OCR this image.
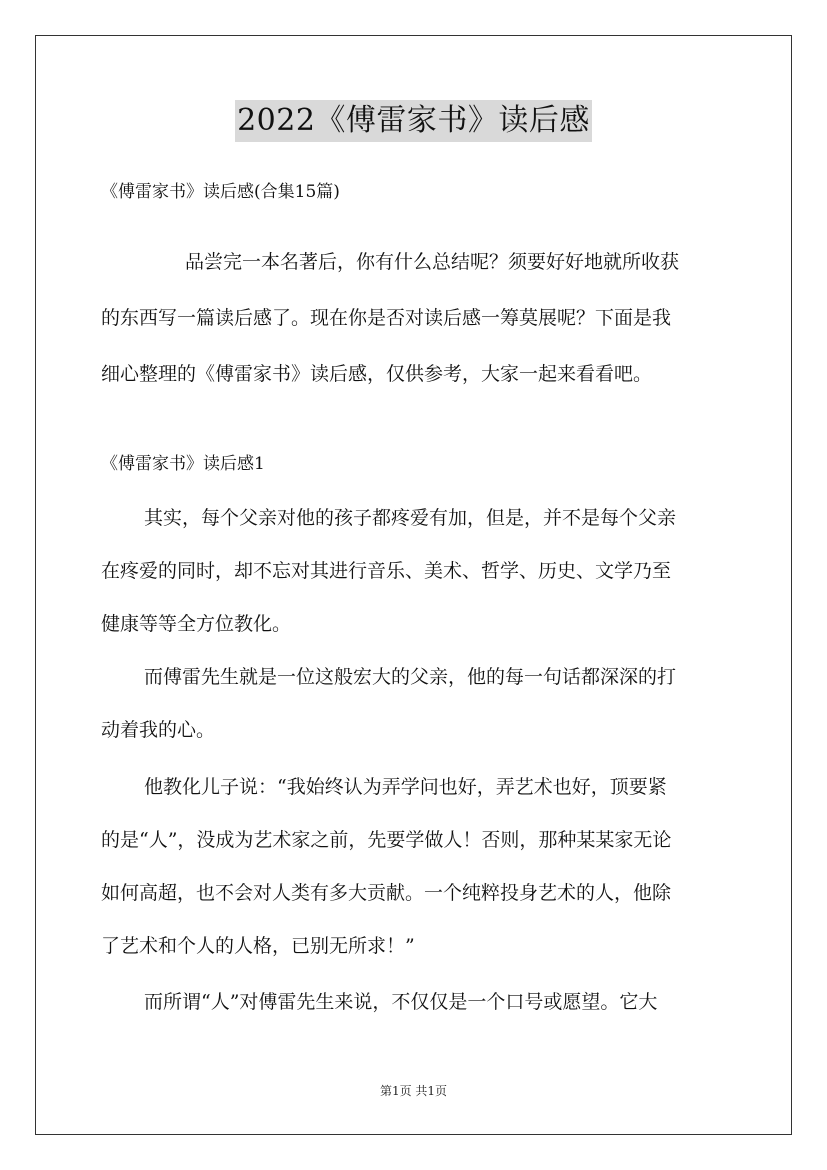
2022《傅雷家书》读后感
《傅雷家书》读后感(合集15篇)
品尝完一本名著后，你有什么总结呢？须要好好地就所收获
的东西写一篇读后感了。现在你是否对读后感一筹莫展呢？下面是我
细心整理的《傅雷家书》读后感，仅供参考，大家一起来看看吧。
《傅雷家书》读后感1
其实，每个父亲对他的孩子都疼爱有加，但是，并不是每个父亲
在疼爱的同时，却不忘对其进行音乐、美术、哲学、历史、文学乃至
健康等等全方位教化。
而傅雷先生就是一位这般宏大的父亲，他的每一句话都深深的打
动着我的心。
他教化儿子说：“我始终认为弄学问也好，弄艺术也好，顶要紧
的是“人”，没成为艺术家之前，先要学做人！否则，那种某某家无论
如何高超，也不会对人类有多大贡献。一个纯粹投身艺术的人，他除
了艺术和个人的人格，已别无所求！”
而所谓“人”对傅雷先生来说，不仅仅是一个口号或愿望。它大
第1页 共1页
